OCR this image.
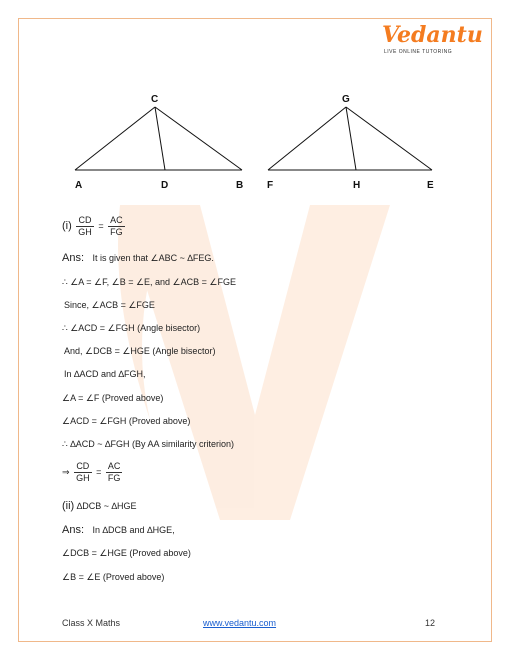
Vedantu
LIVE ONLINE TUTORING
C
A	D	B
G
F	H	E
$(i) \frac{CD}{GH} = \frac{AC}{FG}$
Ans: It is given that ∠ABC ~ ∆FEG.
∴ ∠A = ∠F, ∠B = ∠E, and ∠ACB = ∠FGE
Since, ∠ACB = ∠FGE
∴ ∠ACD = ∠FGH (Angle bisector)
And, ∠DCB = ∠HGE (Angle bisector)
In ∆ACD and ∆FGH,
∠A = ∠F (Proved above)
∠ACD = ∠FGH (Proved above)
∴ ∆ACD ~ ∆FGH (By AA similarity criterion)
⇒ $\frac{CD}{GH} = \frac{AC}{FG}$
(ii) ∆DCB ~ ∆HGE
Ans: In ∆DCB and ∆HGE,
∠DCB = ∠HGE (Proved above)
∠B = ∠E (Proved above)
Class X Maths	www.vedantu.com	12
